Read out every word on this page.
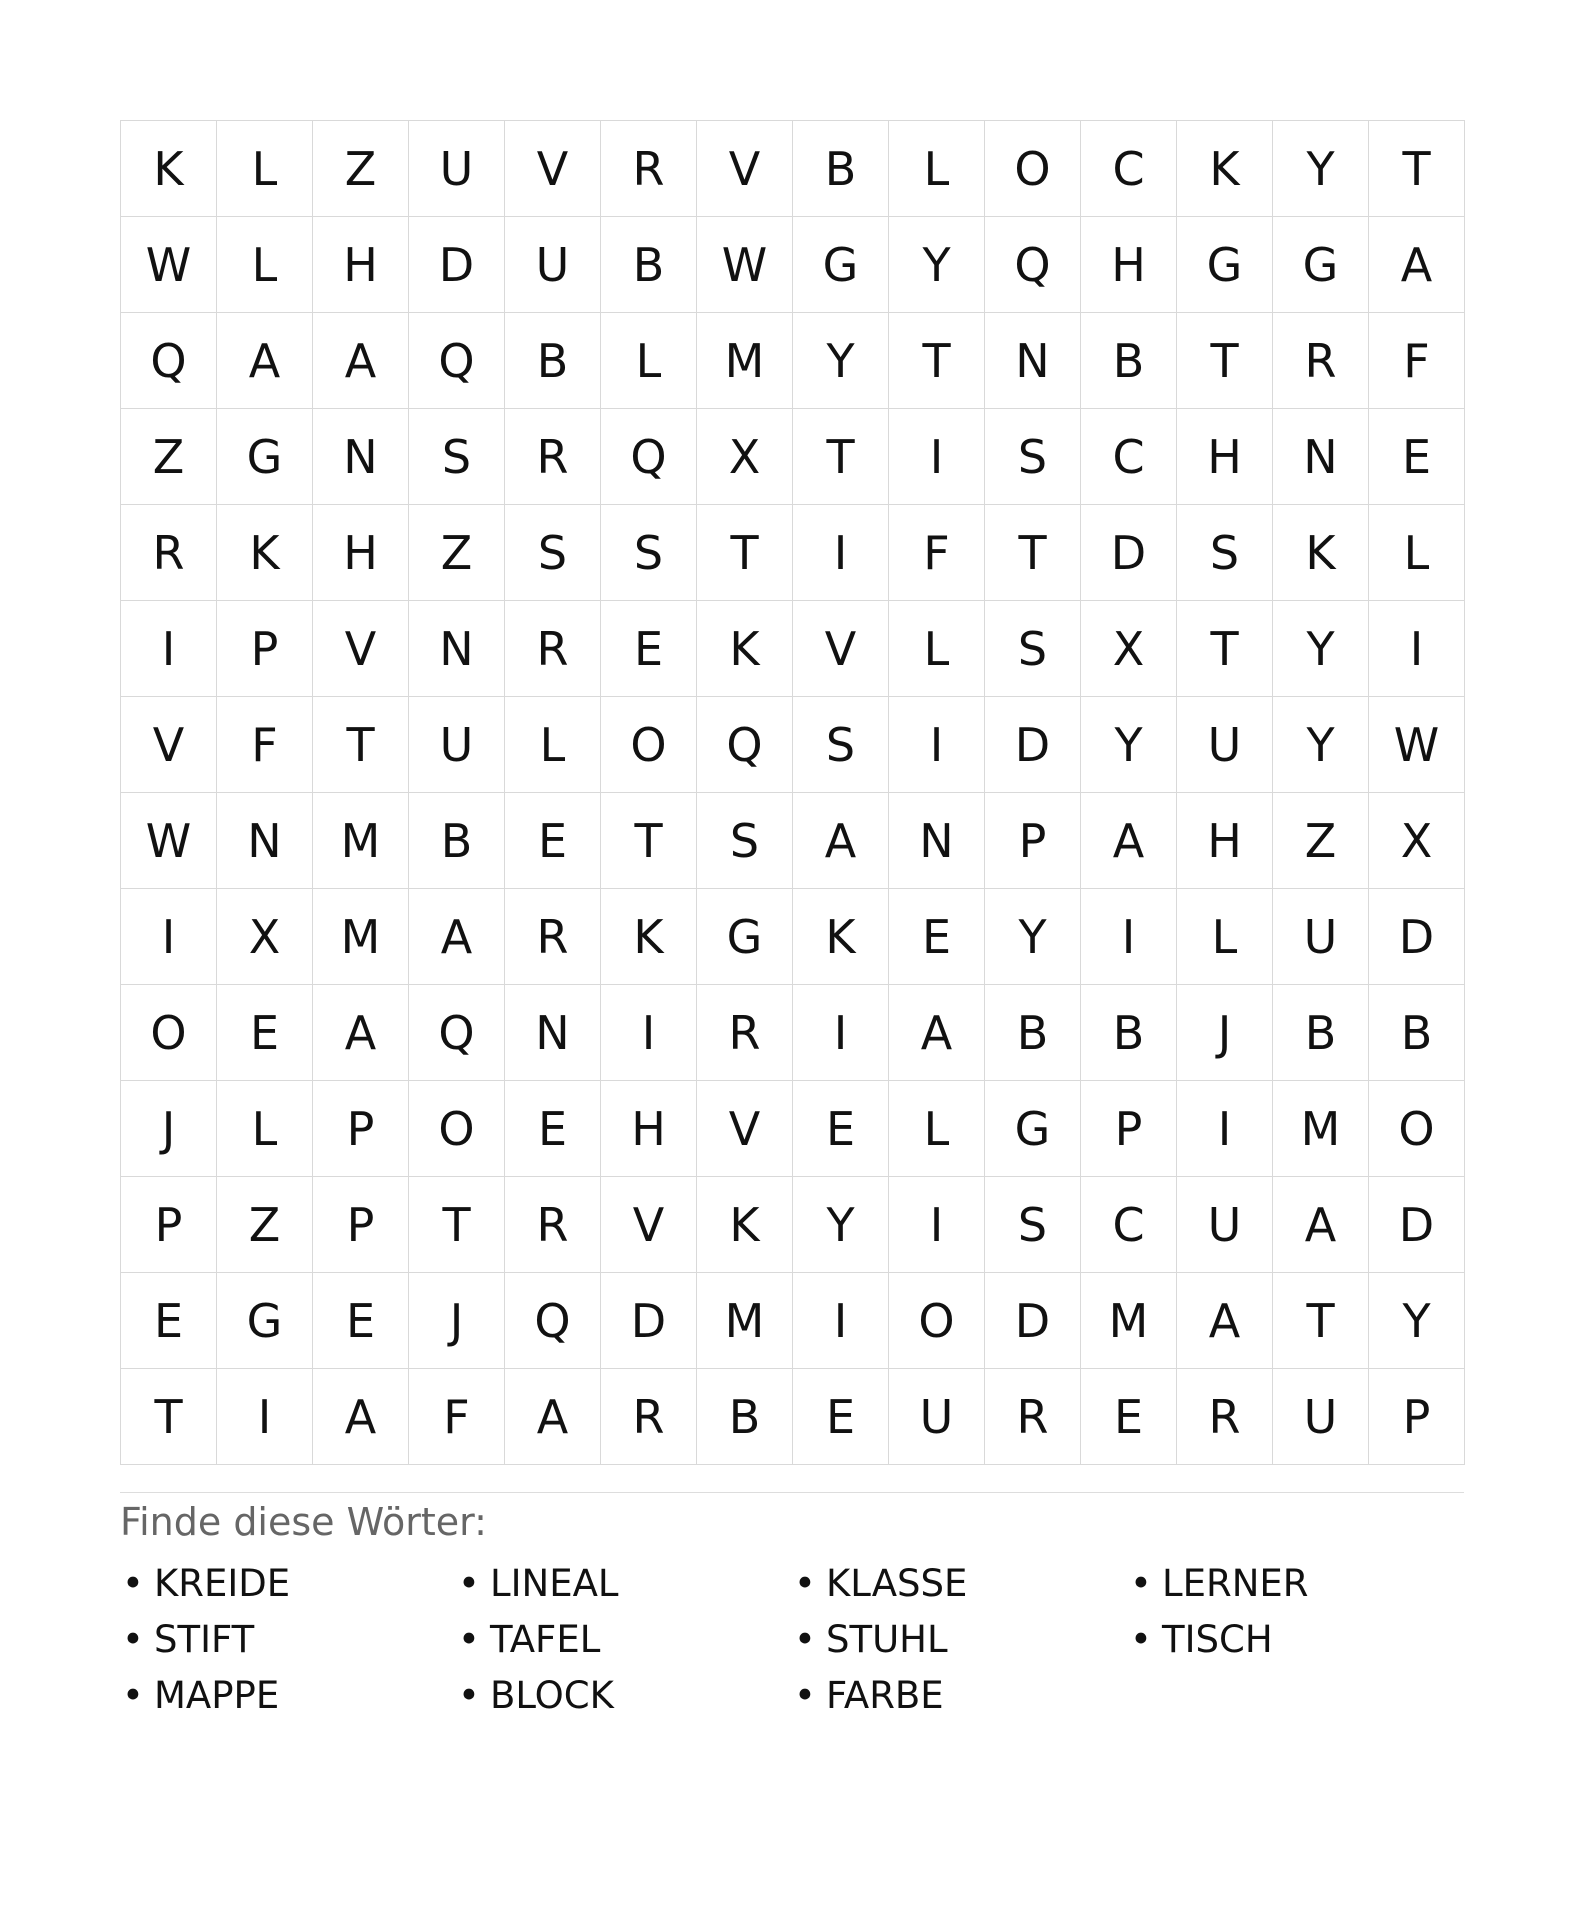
K	L	Z	U	V	R	V	B	L	O	C	K	Y	T
W	L	H	D	U	B	W	G	Y	Q	H	G	G	A
Q	A	A	Q	B	L	M	Y	T	N	B	T	R	F
Z	G	N	S	R	Q	X	T	I	S	C	H	N	E
R	K	H	Z	S	S	T	I	F	T	D	S	K	L
I	P	V	N	R	E	K	V	L	S	X	T	Y	I
V	F	T	U	L	O	Q	S	I	D	Y	U	Y	W
W	N	M	B	E	T	S	A	N	P	A	H	Z	X
I	X	M	A	R	K	G	K	E	Y	I	L	U	D
O	E	A	Q	N	I	R	I	A	B	B	J	B	B
J	L	P	O	E	H	V	E	L	G	P	I	M	O
P	Z	P	T	R	V	K	Y	I	S	C	U	A	D
E	G	E	J	Q	D	M	I	O	D	M	A	T	Y
T	I	A	F	A	R	B	E	U	R	E	R	U	P
Finde diese Wörter:
• KREIDE	• LINEAL	• KLASSE	• LERNER
• STIFT	• TAFEL	• STUHL	• TISCH
• MAPPE	• BLOCK	• FARBE
